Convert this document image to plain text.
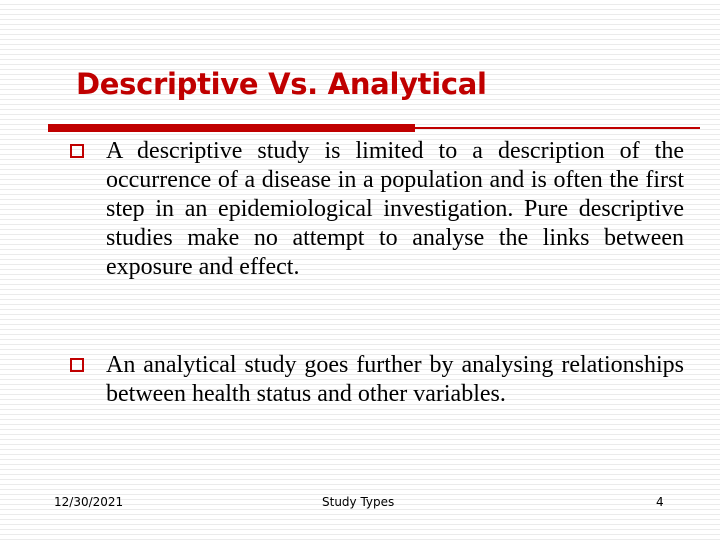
Descriptive Vs. Analytical
A descriptive study is limited to a description of the occurrence of a disease in a population and is often the first step in an epidemiological investigation. Pure descriptive studies make no attempt to analyse the links between exposure and effect.
An analytical study goes further by analysing relationships between health status and other variables.
12/30/2021	Study Types	4
